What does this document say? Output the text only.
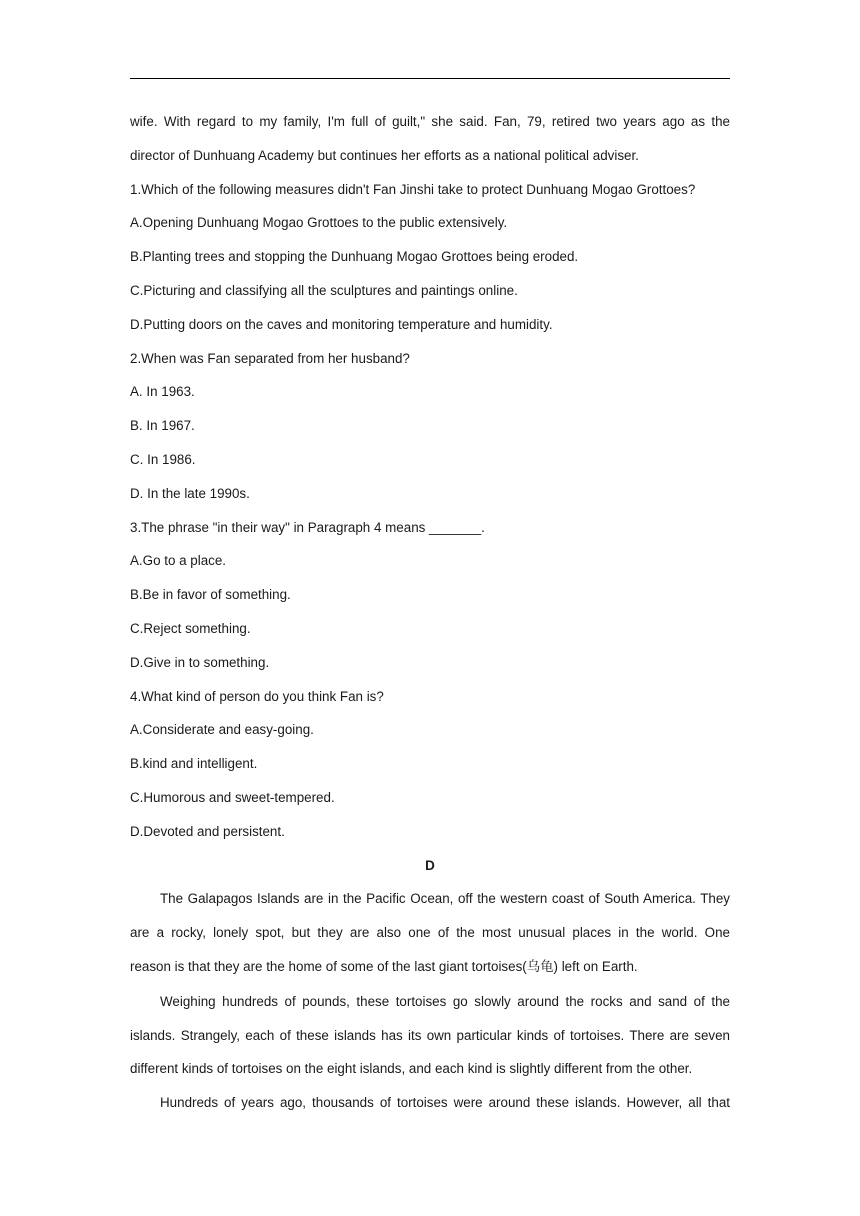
wife. With regard to my family, I'm full of guilt," she said. Fan, 79, retired two years ago as the
director of Dunhuang Academy but continues her efforts as a national political adviser.
1.Which of the following measures didn't Fan Jinshi take to protect Dunhuang Mogao Grottoes?
A.Opening Dunhuang Mogao Grottoes to the public extensively.
B.Planting trees and stopping the Dunhuang Mogao Grottoes being eroded.
C.Picturing and classifying all the sculptures and paintings online.
D.Putting doors on the caves and monitoring temperature and humidity.
2.When was Fan separated from her husband?
A. In 1963.
B. In 1967.
C. In 1986.
D. In the late 1990s.
3.The phrase "in their way" in Paragraph 4 means _______.
A.Go to a place.
B.Be in favor of something.
C.Reject something.
D.Give in to something.
4.What kind of person do you think Fan is?
A.Considerate and easy-going.
B.kind and intelligent.
C.Humorous and sweet-tempered.
D.Devoted and persistent.
D
The Galapagos Islands are in the Pacific Ocean, off the western coast of South America. They
are a rocky, lonely spot, but they are also one of the most unusual places in the world. One
reason is that they are the home of some of the last giant tortoises(乌龟) left on Earth.
Weighing hundreds of pounds, these tortoises go slowly around the rocks and sand of the
islands. Strangely, each of these islands has its own particular kinds of tortoises. There are seven
different kinds of tortoises on the eight islands, and each kind is slightly different from the other.
Hundreds of years ago, thousands of tortoises were around these islands. However, all that
